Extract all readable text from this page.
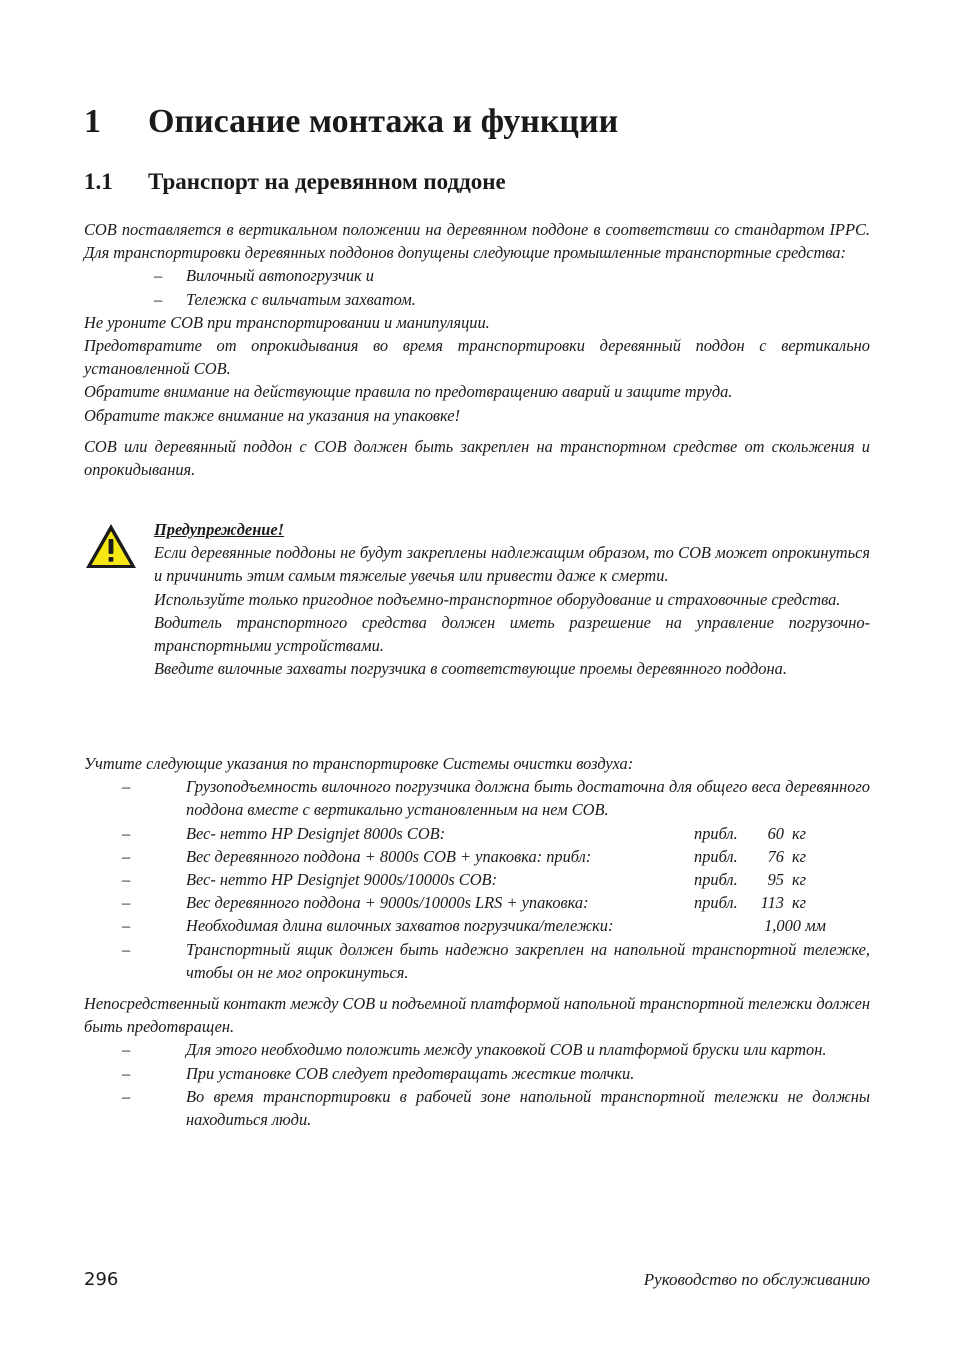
1 Описание монтажа и функции
1.1 Транспорт на деревянном поддоне

СОВ поставляется в вертикальном положении на деревянном поддоне в соответствии со стандартом IPPC. Для транспортировки деревянных поддонов допущены следующие промышленные транспортные средства:

– Вилочный автопогрузчик и
– Тележка с вильчатым захватом.

Не уроните СОВ при транспортировании и манипуляции.

Предотвратите от опрокидывания во время транспортировки деревянный поддон с вертикально установленной СОВ.

Обратите внимание на действующие правила по предотвращению аварий и защите труда.

Обратите также внимание на указания на упаковке!

СОВ или деревянный поддон с СОВ должен быть закреплен на транспортном средстве от скольжения и опрокидывания.

Предупреждение!

Если деревянные поддоны не будут закреплены надлежащим образом, то СОВ может опрокинуться и причинить этим самым тяжелые увечья или привести даже к смерти.

Используйте только пригодное подъемно-транспортное оборудование и страховочные средства.

Водитель транспортного средства должен иметь разрешение на управление погрузочно-транспортными устройствами.

Введите вилочные захваты погрузчика в соответствующие проемы деревянного поддона.

Учтите следующие указания по транспортировке Системы очистки воздуха:

–	Грузоподъемность вилочного погрузчика должна быть достаточна для общего веса деревянного поддона вместе с вертикально установленным на нем СОВ.
–	Вес- нетто HP Designjet 8000s COB:	прибл.	60 кг
–	Вес деревянного поддона + 8000s СОВ + упаковка: прибл:	прибл.	76 кг
–	Вес- нетто HP Designjet 9000s/10000s COB:	прибл.	95 кг
–	Вес деревянного поддона + 9000s/10000s LRS + упаковка:	прибл.	113 кг
–	Необходимая длина вилочных захватов погрузчика/тележки:	1,000 мм
–	Транспортный ящик должен быть надежно закреплен на напольной транспортной тележке, чтобы он не мог опрокинуться.

Непосредственный контакт между СОВ и подъемной платформой напольной транспортной тележки должен быть предотвращен.

–	Для этого необходимо положить между упаковкой СОВ и платформой бруски или картон.
–	При установке СОВ следует предотвращать жесткие толчки.
–	Во время транспортировки в рабочей зоне напольной транспортной тележки не должны находиться люди.
296	Руководство по обслуживанию
